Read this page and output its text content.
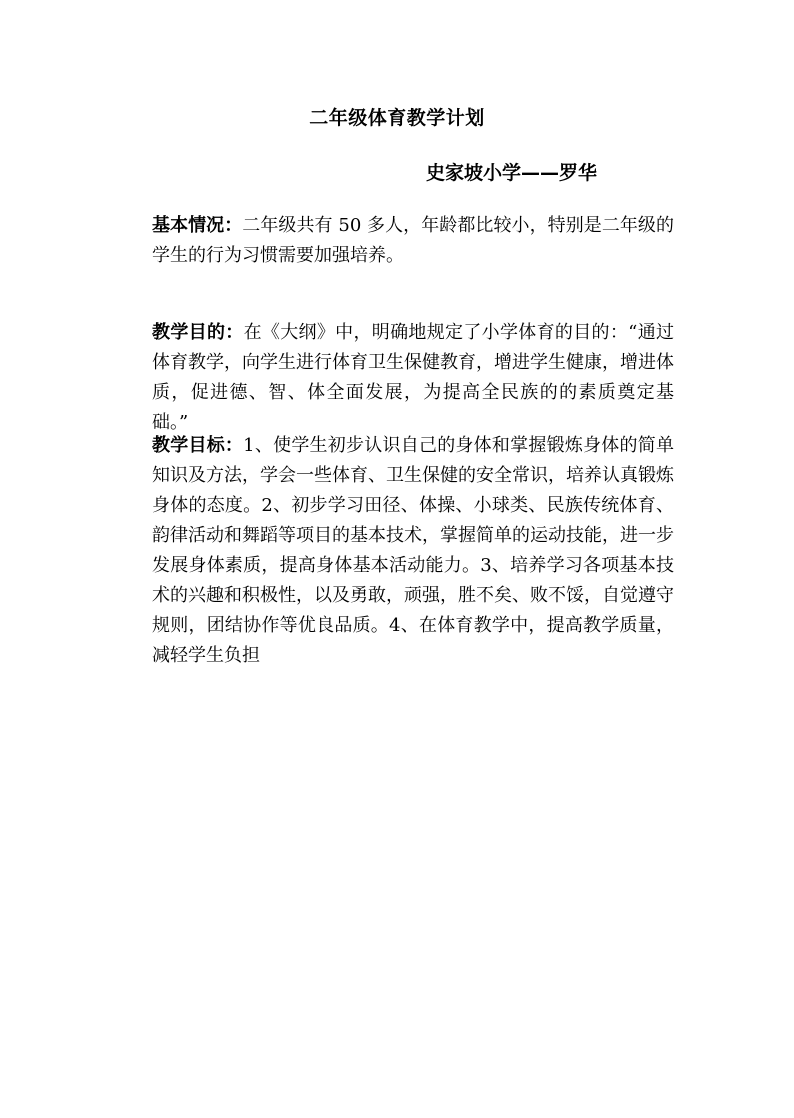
二年级体育教学计划

史家坡小学——罗华

基本情况：二年级共有 50 多人，年龄都比较小，特别是二年级的学生的行为习惯需要加强培养。

教学目的：在《大纲》中，明确地规定了小学体育的目的：“通过体育教学，向学生进行体育卫生保健教育，增进学生健康，增进体质，促进德、智、体全面发展，为提高全民族的的素质奠定基础。”

教学目标：1、使学生初步认识自己的身体和掌握锻炼身体的简单知识及方法，学会一些体育、卫生保健的安全常识，培养认真锻炼身体的态度。2、初步学习田径、体操、小球类、民族传统体育、韵律活动和舞蹈等项目的基本技术，掌握简单的运动技能，进一步发展身体素质，提高身体基本活动能力。3、培养学习各项基本技术的兴趣和积极性，以及勇敢，顽强，胜不矣、败不馁，自觉遵守规则，团结协作等优良品质。4、在体育教学中，提高教学质量，减轻学生负担
